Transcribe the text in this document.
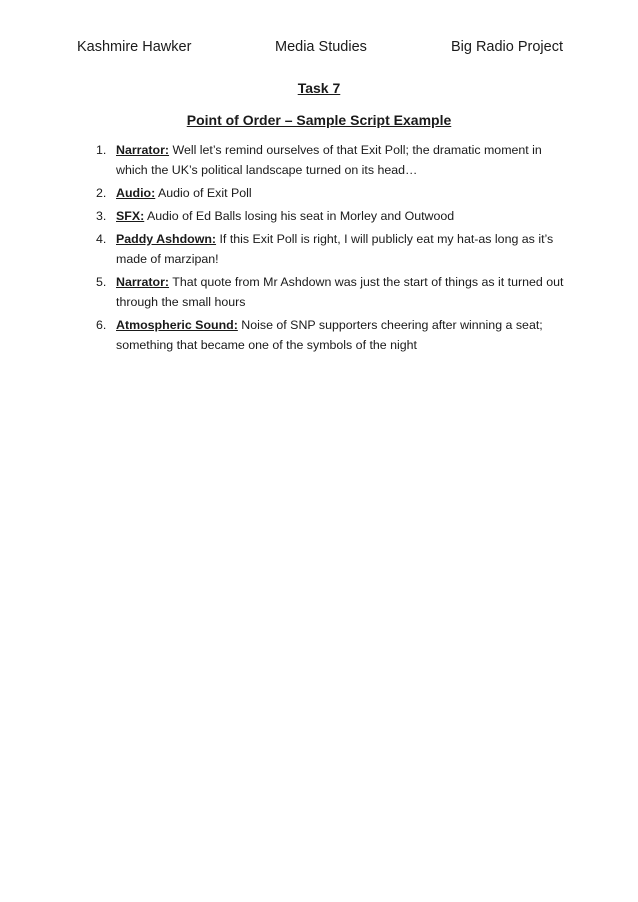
Kashmire Hawker	Media Studies	Big Radio Project
Task 7
Point of Order – Sample Script Example
1. Narrator: Well let’s remind ourselves of that Exit Poll; the dramatic moment in which the UK’s political landscape turned on its head…
2. Audio: Audio of Exit Poll
3. SFX: Audio of Ed Balls losing his seat in Morley and Outwood
4. Paddy Ashdown: If this Exit Poll is right, I will publicly eat my hat-as long as it’s made of marzipan!
5. Narrator: That quote from Mr Ashdown was just the start of things as it turned out through the small hours
6. Atmospheric Sound: Noise of SNP supporters cheering after winning a seat; something that became one of the symbols of the night
